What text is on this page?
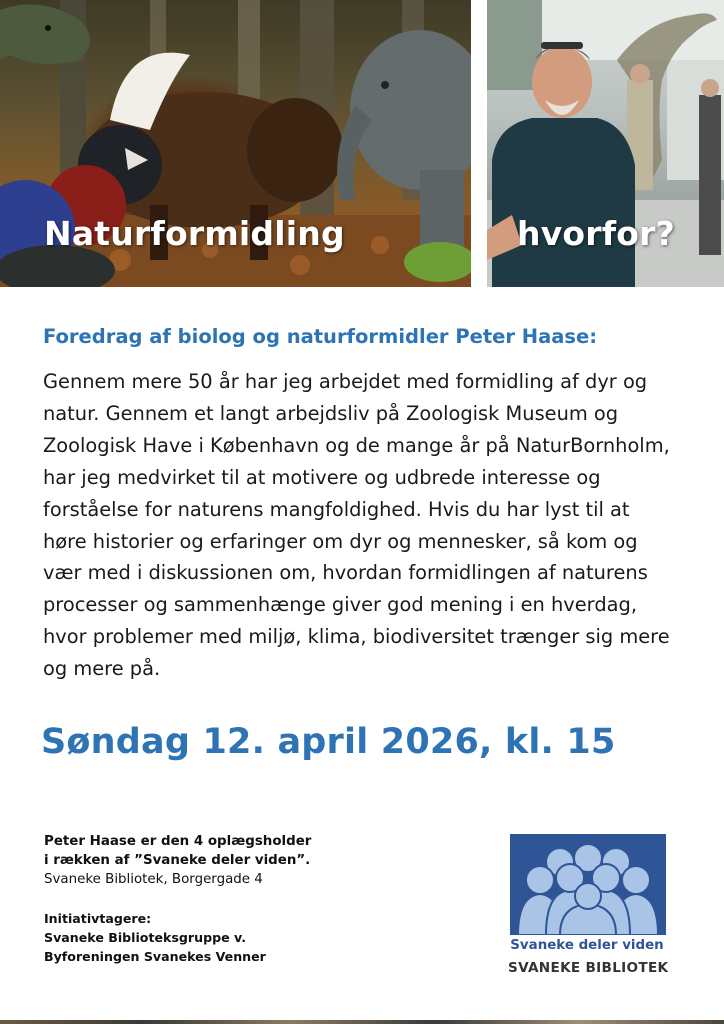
Naturformidling	hvorfor?
Foredrag af biolog og naturformidler Peter Haase:
Gennem mere 50 år har jeg arbejdet med formidling af dyr og
natur. Gennem et langt arbejdsliv på Zoologisk Museum og
Zoologisk Have i København og de mange år på NaturBornholm,
har jeg medvirket til at motivere og udbrede interesse og
forståelse for naturens mangfoldighed. Hvis du har lyst til at
høre historier og erfaringer om dyr og mennesker, så kom og
vær med i diskussionen om, hvordan formidlingen af naturens
processer og sammenhænge giver god mening i en hverdag,
hvor problemer med miljø, klima, biodiversitet trænger sig mere
og mere på.
Søndag 12. april 2026, kl. 15
Peter Haase er den 4 oplægsholder
i rækken af ”Svaneke deler viden”.
Svaneke Bibliotek, Borgergade 4
Initiativtagere:
Svaneke Biblioteksgruppe v.
Byforeningen Svanekes Venner
Svaneke deler viden
SVANEKE BIBLIOTEK
